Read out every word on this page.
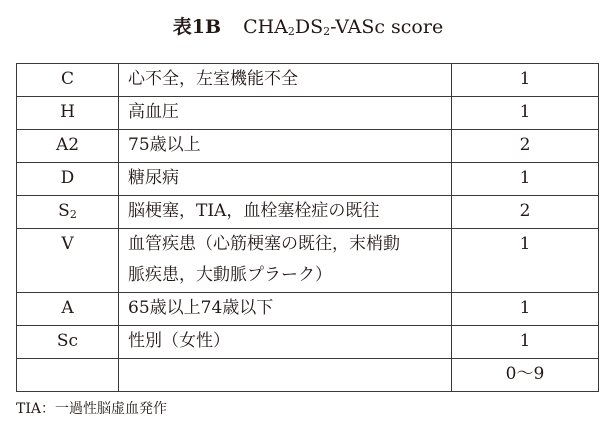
表1B $CHA_2DS_2$-VASc score
C	心不全，左室機能不全	1
H	高血圧	1
A2	75歳以上	2
D	糖尿病	1
$S_2$	脳梗塞，TIA，血栓塞栓症の既往	2
V	血管疾患（心筋梗塞の既往，末梢動
脈疾患，大動脈プラーク）	1
A	65歳以上74歳以下	1
Sc	性別（女性）	1
		0～9
TIA：一過性脳虚血発作
